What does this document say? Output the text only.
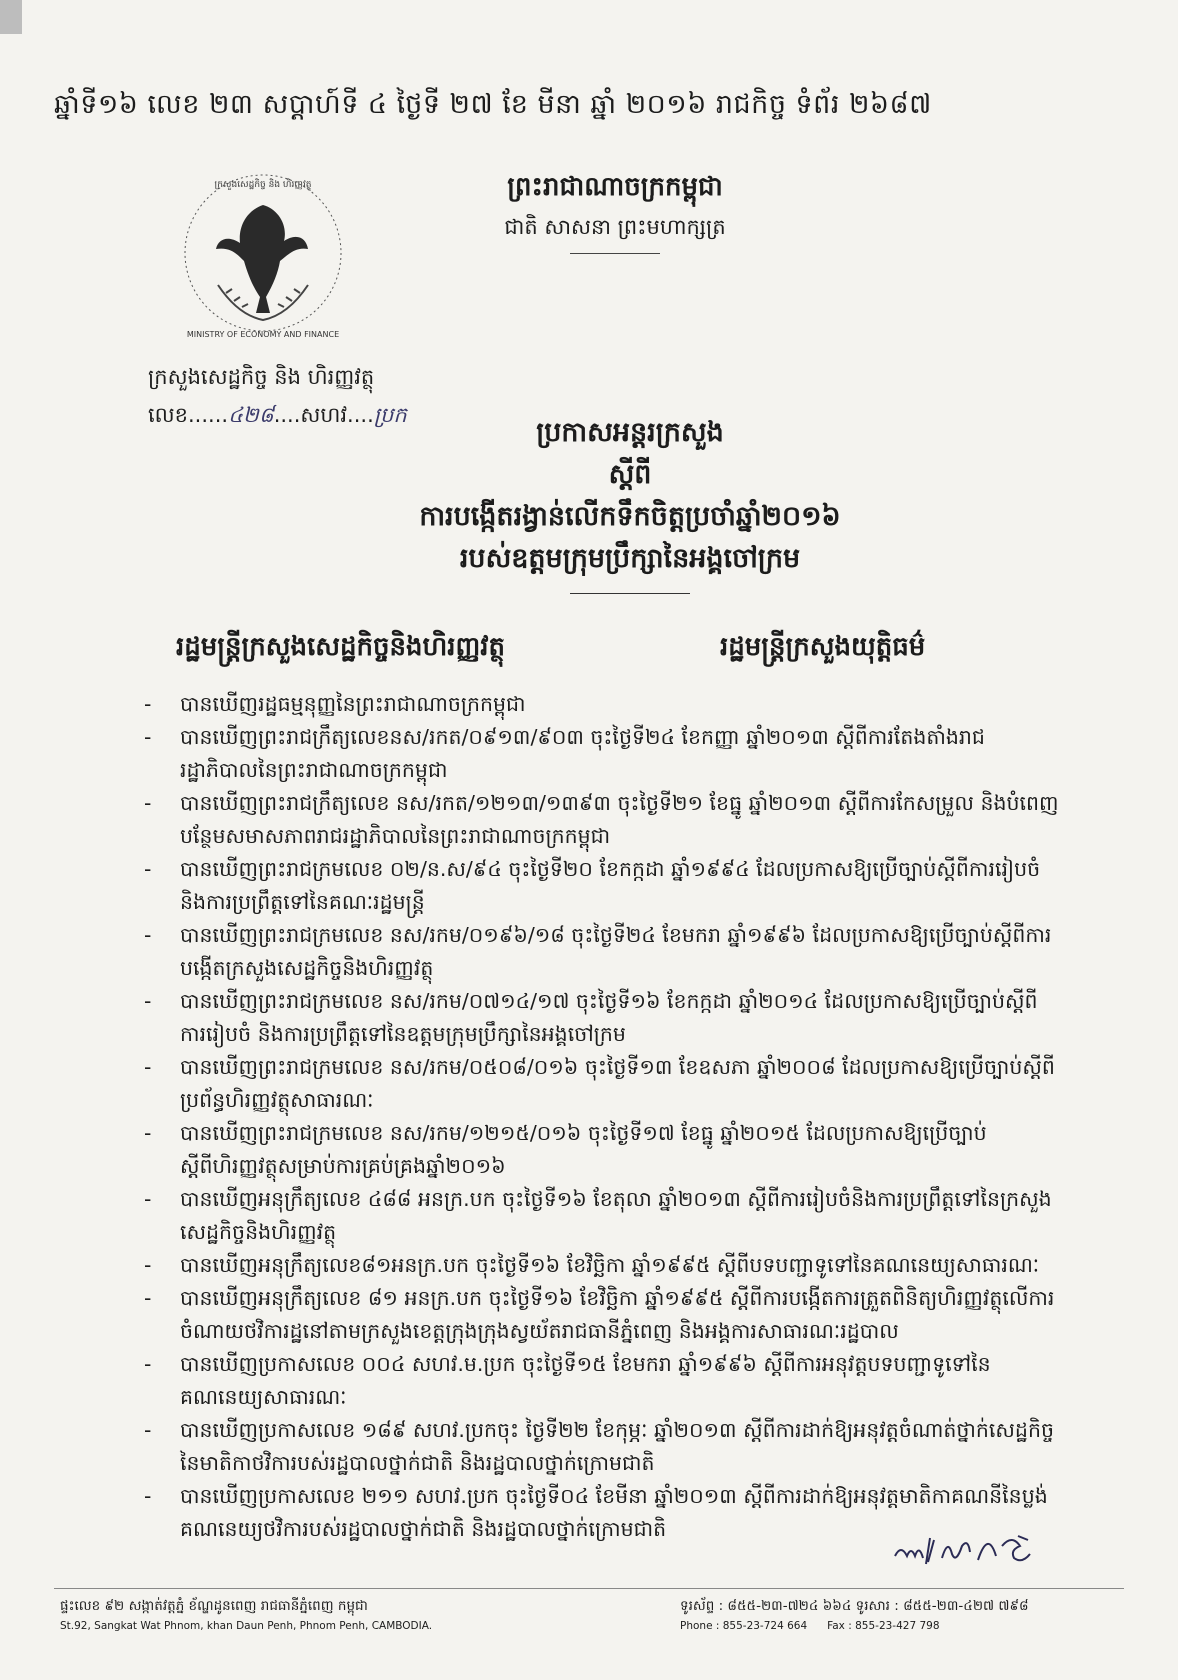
ឆ្នាំទី១៦ លេខ ២៣ សប្តាហ៍ទី ៤ ថ្ងៃទី ២៧ ខែ មីនា ឆ្នាំ ២០១៦ រាជកិច្ច ទំព័រ ២៦៨៧
ក្រសួងសេដ្ឋកិច្ច និង ហិរញ្ញវត្ថុ
MINISTRY OF ECONOMY AND FINANCE
ព្រះរាជាណាចក្រកម្ពុជា
ជាតិ សាសនា ព្រះមហាក្សត្រ
ក្រសួងសេដ្ឋកិច្ច និង ហិរញ្ញវត្ថុ
លេខ......៤២៨....សហវ....ប្រក
ប្រកាសអន្តរក្រសួង
ស្តីពី
ការបង្កើតរង្វាន់លើកទឹកចិត្តប្រចាំឆ្នាំ២០១៦
របស់ឧត្តមក្រុមប្រឹក្សានៃអង្គចៅក្រម
រដ្ឋមន្ត្រីក្រសួងសេដ្ឋកិច្ចនិងហិរញ្ញវត្ថុ	រដ្ឋមន្ត្រីក្រសួងយុត្តិធម៌
- បានឃើញរដ្ឋធម្មនុញ្ញនៃព្រះរាជាណាចក្រកម្ពុជា
- បានឃើញព្រះរាជក្រឹត្យលេខនស/រកត/០៩១៣/៩០៣ ចុះថ្ងៃទី២៤ ខែកញ្ញា ឆ្នាំ២០១៣ ស្តីពីការតែងតាំងរាជរដ្ឋាភិបាលនៃព្រះរាជាណាចក្រកម្ពុជា
- បានឃើញព្រះរាជក្រឹត្យលេខ នស/រកត/១២១៣/១៣៩៣ ចុះថ្ងៃទី២១ ខែធ្នូ ឆ្នាំ២០១៣ ស្តីពីការកែសម្រួល និងបំពេញបន្ថែមសមាសភាពរាជរដ្ឋាភិបាលនៃព្រះរាជាណាចក្រកម្ពុជា
- បានឃើញព្រះរាជក្រមលេខ ០២/ន.ស/៩៤ ចុះថ្ងៃទី២០ ខែកក្កដា ឆ្នាំ១៩៩៤ ដែលប្រកាសឱ្យប្រើច្បាប់ស្តីពីការរៀបចំនិងការប្រព្រឹត្តទៅនៃគណៈរដ្ឋមន្ត្រី
- បានឃើញព្រះរាជក្រមលេខ នស/រកម/០១៩៦/១៨ ចុះថ្ងៃទី២៤ ខែមករា ឆ្នាំ១៩៩៦ ដែលប្រកាសឱ្យប្រើច្បាប់ស្តីពីការបង្កើតក្រសួងសេដ្ឋកិច្ចនិងហិរញ្ញវត្ថុ
- បានឃើញព្រះរាជក្រមលេខ នស/រកម/០៧១៤/១៧ ចុះថ្ងៃទី១៦ ខែកក្កដា ឆ្នាំ២០១៤ ដែលប្រកាសឱ្យប្រើច្បាប់ស្តីពីការរៀបចំ និងការប្រព្រឹត្តទៅនៃឧត្តមក្រុមប្រឹក្សានៃអង្គចៅក្រម
- បានឃើញព្រះរាជក្រមលេខ នស/រកម/០៥០៨/០១៦ ចុះថ្ងៃទី១៣ ខែឧសភា ឆ្នាំ២០០៨ ដែលប្រកាសឱ្យប្រើច្បាប់ស្តីពីប្រព័ន្ធហិរញ្ញវត្ថុសាធារណៈ
- បានឃើញព្រះរាជក្រមលេខ នស/រកម/១២១៥/០១៦ ចុះថ្ងៃទី១៧ ខែធ្នូ ឆ្នាំ២០១៥ ដែលប្រកាសឱ្យប្រើច្បាប់ស្តីពីហិរញ្ញវត្ថុសម្រាប់ការគ្រប់គ្រងឆ្នាំ២០១៦
- បានឃើញអនុក្រឹត្យលេខ ៤៨៨ អនក្រ.បក ចុះថ្ងៃទី១៦ ខែតុលា ឆ្នាំ២០១៣ ស្តីពីការរៀបចំនិងការប្រព្រឹត្តទៅនៃក្រសួងសេដ្ឋកិច្ចនិងហិរញ្ញវត្ថុ
- បានឃើញអនុក្រឹត្យលេខ៨១អនក្រ.បក ចុះថ្ងៃទី១៦ ខែវិច្ឆិកា ឆ្នាំ១៩៩៥ ស្តីពីបទបញ្ជាទូទៅនៃគណនេយ្យសាធារណៈ
- បានឃើញអនុក្រឹត្យលេខ ៨១ អនក្រ.បក ចុះថ្ងៃទី១៦ ខែវិច្ឆិកា ឆ្នាំ១៩៩៥ ស្តីពីការបង្កើតការត្រួតពិនិត្យហិរញ្ញវត្ថុលើការចំណាយថវិការដ្ឋនៅតាមក្រសួងខេត្តក្រុងក្រុងស្វយ័តរាជធានីភ្នំពេញ និងអង្គការសាធារណៈរដ្ឋបាល
- បានឃើញប្រកាសលេខ ០០៤ សហវ.ម.ប្រក ចុះថ្ងៃទី១៥ ខែមករា ឆ្នាំ១៩៩៦ ស្តីពីការអនុវត្តបទបញ្ជាទូទៅនៃគណនេយ្យសាធារណៈ
- បានឃើញប្រកាសលេខ ១៨៩ សហវ.ប្រកចុះ ថ្ងៃទី២២ ខែកុម្ភៈ ឆ្នាំ២០១៣ ស្តីពីការដាក់ឱ្យអនុវត្តចំណាត់ថ្នាក់សេដ្ឋកិច្ចនៃមាតិកាថវិការបស់រដ្ឋបាលថ្នាក់ជាតិ និងរដ្ឋបាលថ្នាក់ក្រោមជាតិ
- បានឃើញប្រកាសលេខ ២១១ សហវ.ប្រក ចុះថ្ងៃទី០៤ ខែមីនា ឆ្នាំ២០១៣ ស្តីពីការដាក់ឱ្យអនុវត្តមាតិកាគណនីនៃប្លង់គណនេយ្យថវិការបស់រដ្ឋបាលថ្នាក់ជាតិ និងរដ្ឋបាលថ្នាក់ក្រោមជាតិ
ផ្ទះលេខ ៩២ សង្កាត់វត្តភ្នំ ខ័ណ្ឌដូនពេញ រាជធានីភ្នំពេញ កម្ពុជា
St.92, Sangkat Wat Phnom, khan Daun Penh, Phnom Penh, CAMBODIA.
ទូរស័ព្ទ : ៨៥៥-២៣-៧២៤ ៦៦៤ ទូរសារ : ៨៥៥-២៣-៤២៧ ៧៩៨
Phone : 855-23-724 664 Fax : 855-23-427 798
